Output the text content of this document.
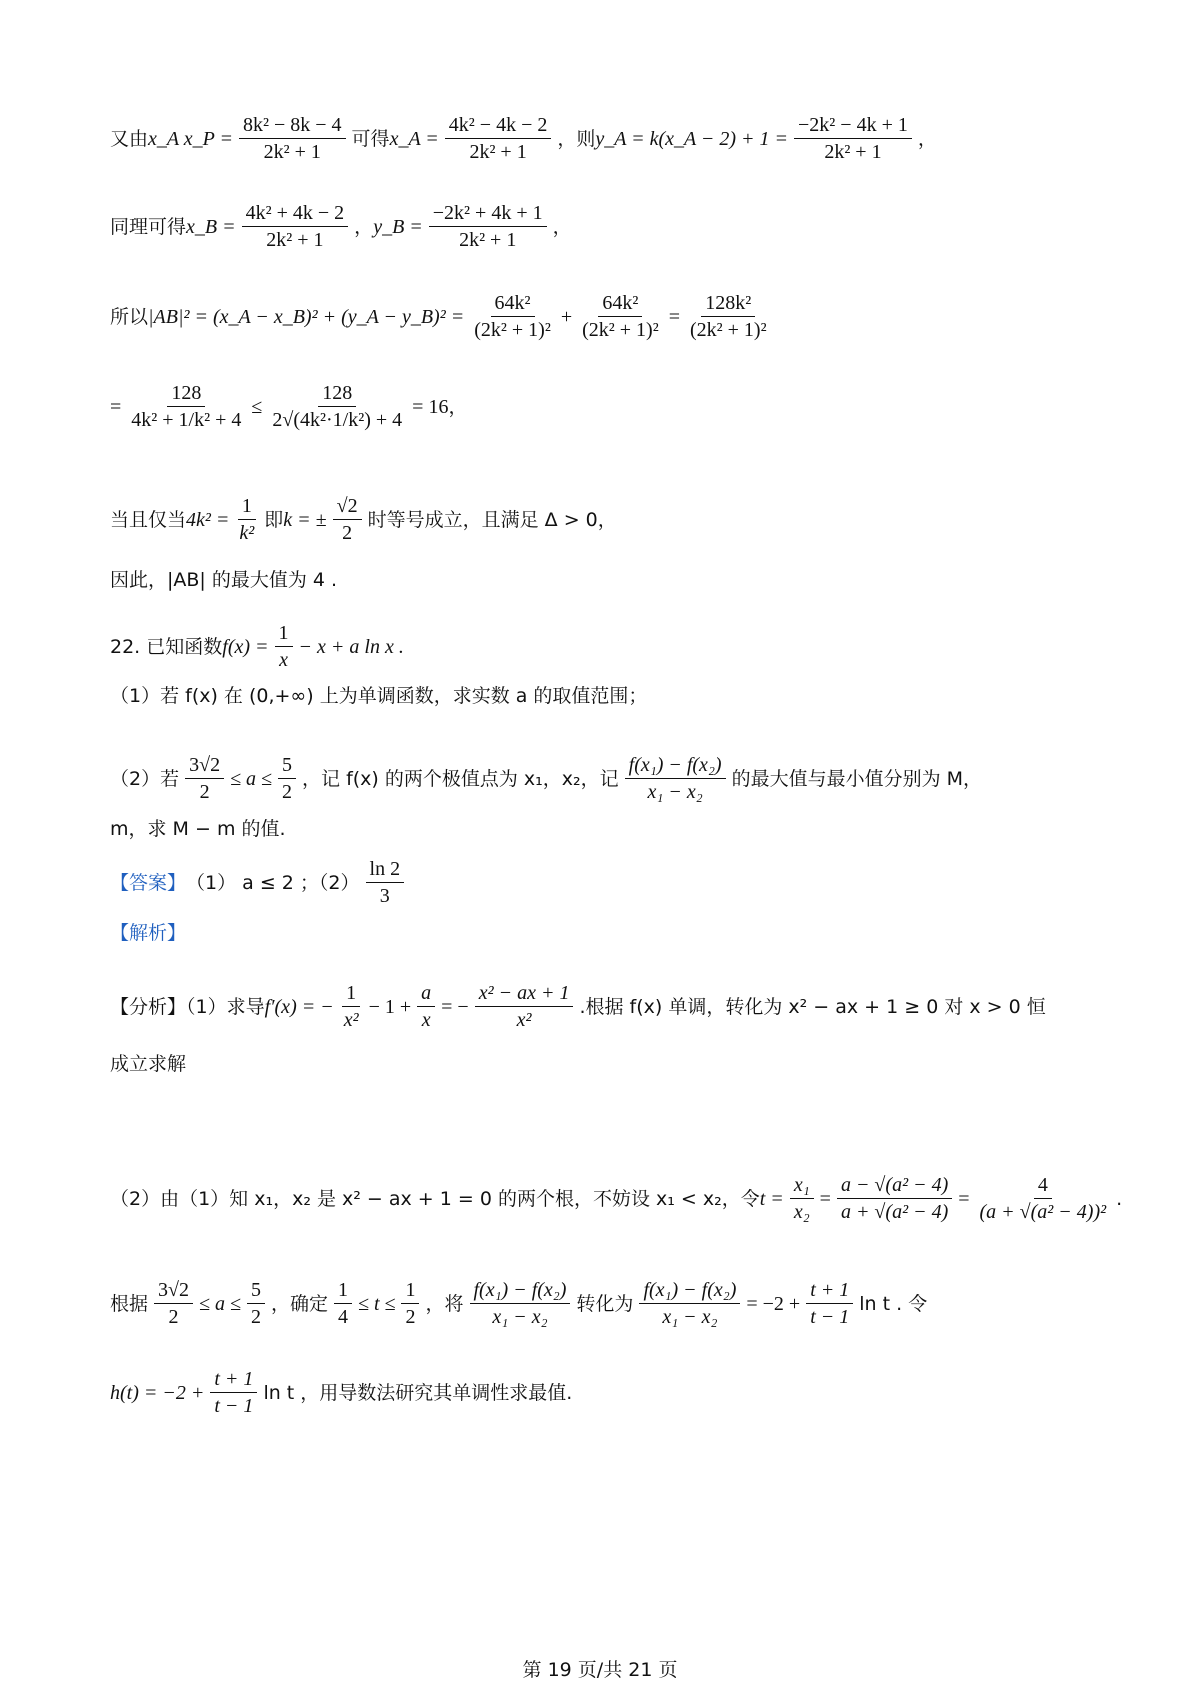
又由 x_A x_P = $\frac{\text{8k² − 8k − 4}}{\text{2k² + 1}}$ 可得 x_A = $\frac{\text{4k² − 4k − 2}}{\text{2k² + 1}}$ ，则 y_A = k(x_A − $2) + 1 = \frac{\text{−2k² − 4k + 1}}{\text{2k² + 1}}$ ，
同理可得 x_B = $\frac{\text{4k² + 4k − 2}}{\text{2k² + 1}}$ ， y_B = $\frac{\text{−2k² + 4k + 1}}{\text{2k² + 1}}$ ，
所以 |AB|² = (x_A − x_B)² + (y_A − y_B)² = $\frac{\text{64k²}}{\text{(2k² + 1)²}} + \frac{\text{64k²}}{\text{(2k² + 1)²}} = \frac{\text{128k²}}{\text{(2k² + 1)²}}$
= $\frac{128}{\text{4k² + 1/k² + 4}} \le \frac{128}{\text{2√(4k²·1/k²) + 4}} = 16$ ，
当且仅当 $4k^2 = \frac{1}{\text{k²}}$ 即 k = ± $\frac{√2}{2}$ 时等号成立，且满足 Δ > 0，
因此，|AB| 的最大值为 4 .
22. 已知函数 $f(x) = \frac{1}{x} - x + a$ ln x .
（1）若 f(x) 在 (0,+∞) 上为单调函数，求实数 a 的取值范围；
（2）若 $\frac{3√2}{2} \le a \le \frac{5}{2}$ ，记 f(x) 的两个极值点为 x₁，x₂，记 $\frac{\text{f(x₁) − f(x₂)}}{\text{x₁ − x₂}}$ 的最大值与最小值分别为 M，
m，求 M − m 的值.
【答案】 （1） a ≤ 2 ；$(2) \frac{\ln 2}{3}$
【解析】
【分析】（1）求导 f′(x) = − $\frac{1}{\text{x²}} - 1 + \frac{a}{x}$ = − $\frac{\text{x² − ax + 1}}{\text{x²}}$ .根据 f(x) 单调，转化为 x² − ax + 1 ≥ 0 对 x > 0 恒
成立求解
（2）由（1）知 x₁，x₂ 是 x² − ax + 1 = 0 的两个根，不妨设 x₁ < x₂，令 $t = \frac{\text{x₁}}{\text{x₂}} = \frac{\text{a − √(a² − 4)}}{\text{a + √(a² − 4)}} = \frac{4}{\text{(a + √(a² − 4))²}}$ .
根据 $\frac{3√2}{2} \le a \le \frac{5}{2}$ ，确定 $\frac{1}{4} \le t \le \frac{1}{2}$ ，将 $\frac{\text{f(x₁) − f(x₂)}}{\text{x₁ − x₂}}$ 转化为 $\frac{\text{f(x₁) − f(x₂)}}{\text{x₁ − x₂}} = -2 + \frac{t + 1}{t - 1}$ ln t . 令
$h(t) = -2 + \frac{t + 1}{t - 1}$ ln t ，用导数法研究其单调性求最值.
第 19 页/共 21 页
